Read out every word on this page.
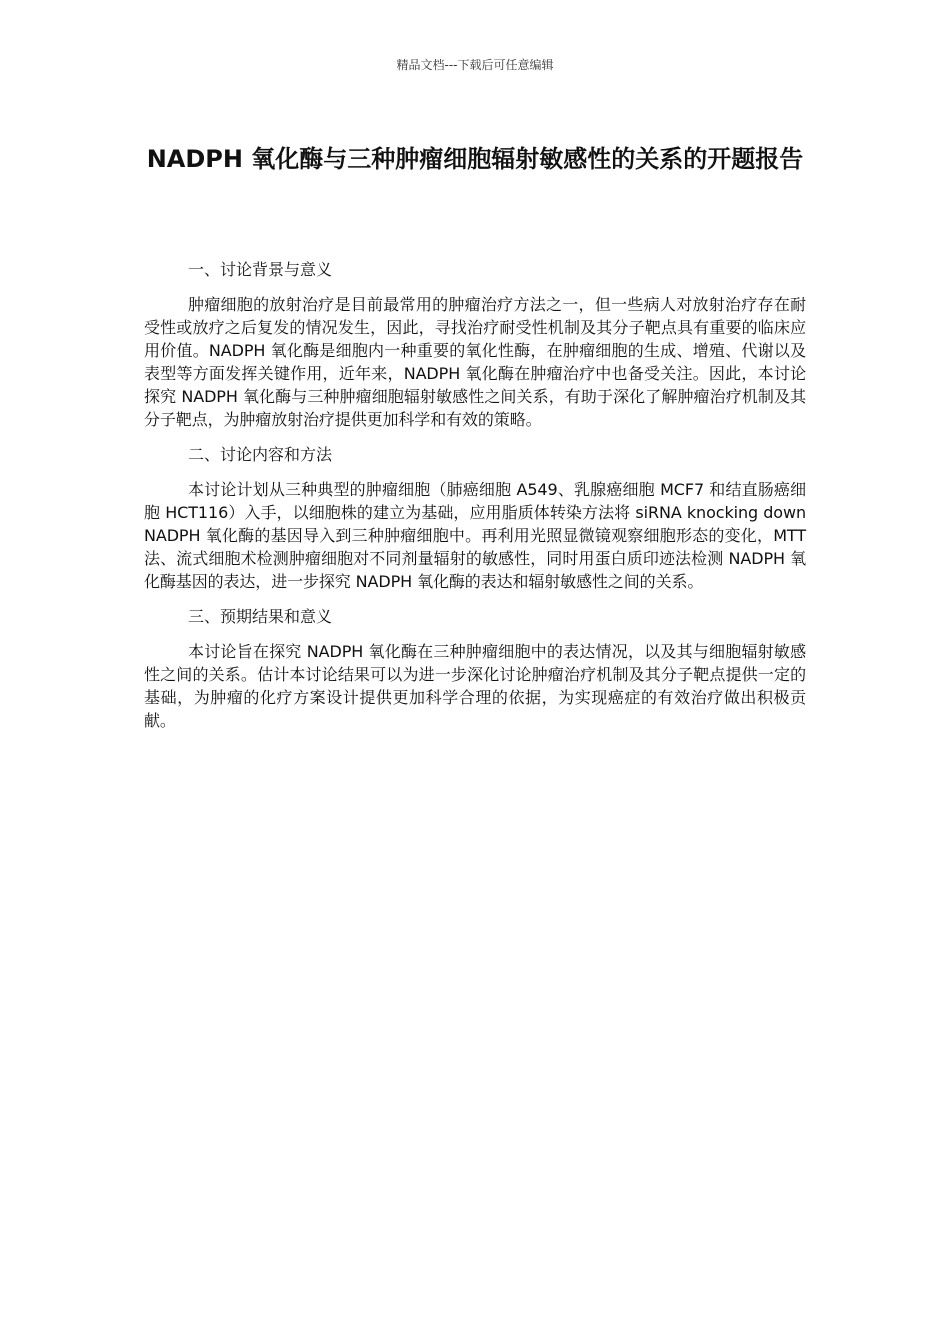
精品文档---下载后可任意编辑
NADPH 氧化酶与三种肿瘤细胞辐射敏感性的关系的开题报告

一、讨论背景与意义

肿瘤细胞的放射治疗是目前最常用的肿瘤治疗方法之一，但一些病人对放射治疗存在耐受性或放疗之后复发的情况发生，因此，寻找治疗耐受性机制及其分子靶点具有重要的临床应用价值。NADPH 氧化酶是细胞内一种重要的氧化性酶，在肿瘤细胞的生成、增殖、代谢以及表型等方面发挥关键作用，近年来，NADPH 氧化酶在肿瘤治疗中也备受关注。因此，本讨论探究 NADPH 氧化酶与三种肿瘤细胞辐射敏感性之间关系，有助于深化了解肿瘤治疗机制及其分子靶点，为肿瘤放射治疗提供更加科学和有效的策略。

二、讨论内容和方法

本讨论计划从三种典型的肿瘤细胞（肺癌细胞 A549、乳腺癌细胞 MCF7 和结直肠癌细胞 HCT116）入手，以细胞株的建立为基础，应用脂质体转染方法将 siRNA knocking down NADPH 氧化酶的基因导入到三种肿瘤细胞中。再利用光照显微镜观察细胞形态的变化，MTT 法、流式细胞术检测肿瘤细胞对不同剂量辐射的敏感性，同时用蛋白质印迹法检测 NADPH 氧化酶基因的表达，进一步探究 NADPH 氧化酶的表达和辐射敏感性之间的关系。

三、预期结果和意义

本讨论旨在探究 NADPH 氧化酶在三种肿瘤细胞中的表达情况，以及其与细胞辐射敏感性之间的关系。估计本讨论结果可以为进一步深化讨论肿瘤治疗机制及其分子靶点提供一定的基础，为肿瘤的化疗方案设计提供更加科学合理的依据，为实现癌症的有效治疗做出积极贡献。
